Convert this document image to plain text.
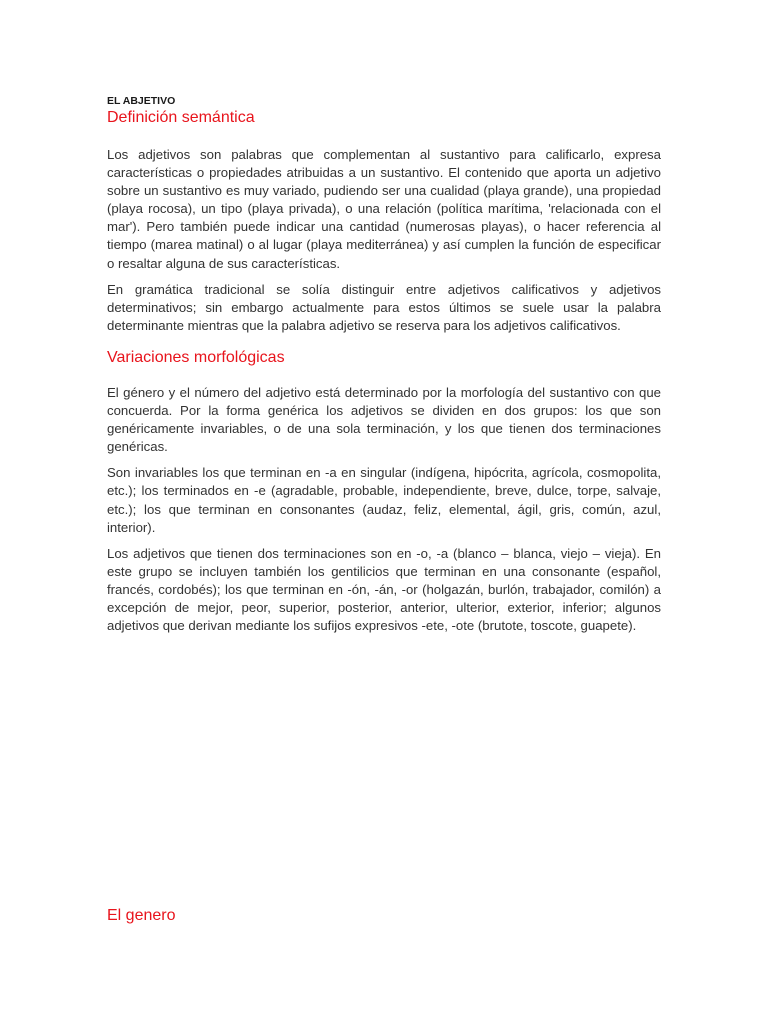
EL ABJETIVO

Definición semántica

Los adjetivos son palabras que complementan al sustantivo para calificarlo, expresa características o propiedades atribuidas a un sustantivo. El contenido que aporta un adjetivo sobre un sustantivo es muy variado, pudiendo ser una cualidad (playa grande), una propiedad (playa rocosa), un tipo (playa privada), o una relación (política marítima, 'relacionada con el mar'). Pero también puede indicar una cantidad (numerosas playas), o hacer referencia al tiempo (marea matinal) o al lugar (playa mediterránea) y así cumplen la función de especificar o resaltar alguna de sus características.

En gramática tradicional se solía distinguir entre adjetivos calificativos y adjetivos determinativos; sin embargo actualmente para estos últimos se suele usar la palabra determinante mientras que la palabra adjetivo se reserva para los adjetivos calificativos.

Variaciones morfológicas

El género y el número del adjetivo está determinado por la morfología del sustantivo con que concuerda. Por la forma genérica los adjetivos se dividen en dos grupos: los que son genéricamente invariables, o de una sola terminación, y los que tienen dos terminaciones genéricas.

Son invariables los que terminan en -a en singular (indígena, hipócrita, agrícola, cosmopolita, etc.); los terminados en -e (agradable, probable, independiente, breve, dulce, torpe, salvaje, etc.); los que terminan en consonantes (audaz, feliz, elemental, ágil, gris, común, azul, interior).

Los adjetivos que tienen dos terminaciones son en -o, -a (blanco – blanca, viejo – vieja). En este grupo se incluyen también los gentilicios que terminan en una consonante (español, francés, cordobés); los que terminan en -ón, -án, -or (holgazán, burlón, trabajador, comilón) a excepción de mejor, peor, superior, posterior, anterior, ulterior, exterior, inferior; algunos adjetivos que derivan mediante los sufijos expresivos -ete, -ote (brutote, toscote, guapete).

El genero
